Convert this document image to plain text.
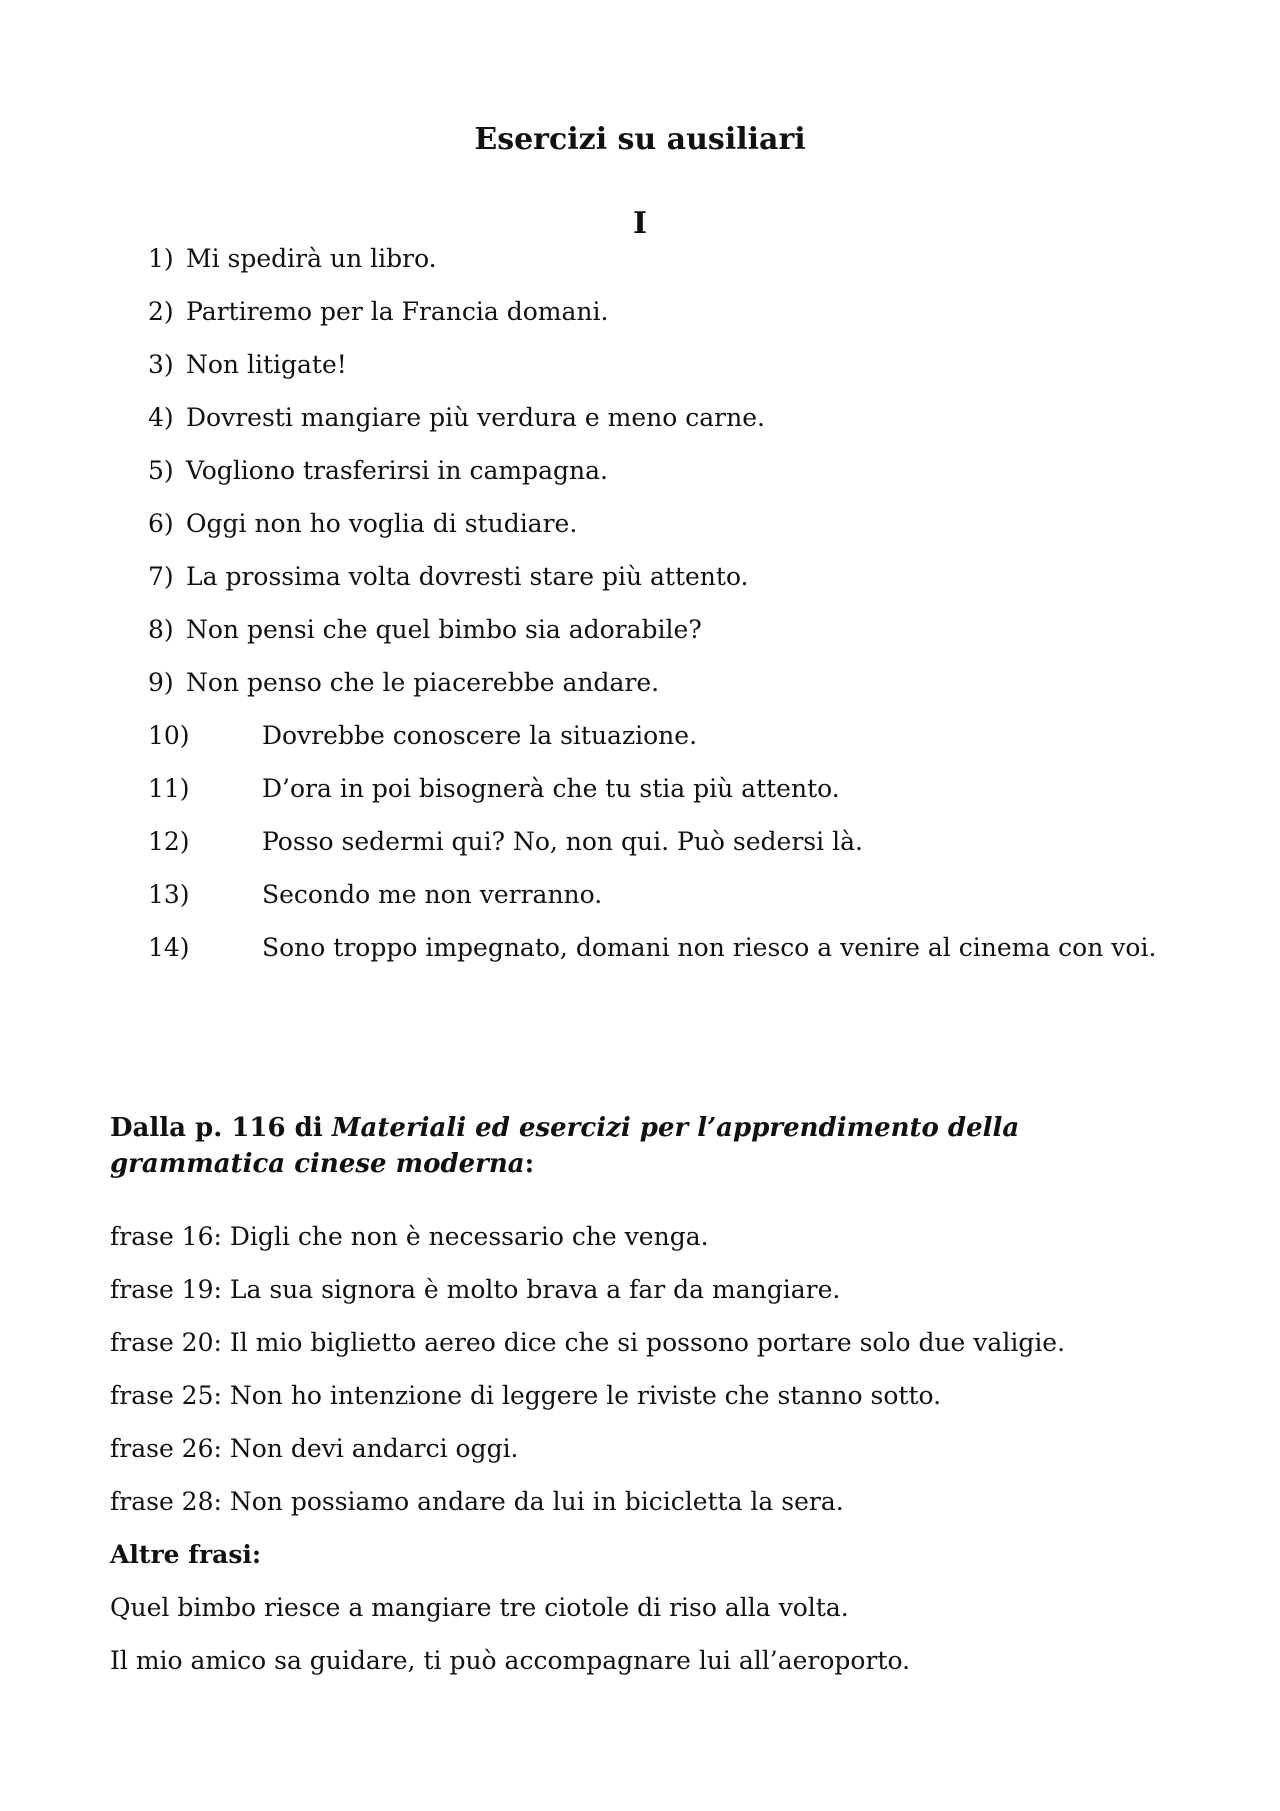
Esercizi su ausiliari
I
1) Mi spedirà un libro.
2) Partiremo per la Francia domani.
3) Non litigate!
4) Dovresti mangiare più verdura e meno carne.
5) Vogliono trasferirsi in campagna.
6) Oggi non ho voglia di studiare.
7) La prossima volta dovresti stare più attento.
8) Non pensi che quel bimbo sia adorabile?
9) Non penso che le piacerebbe andare.
10)	Dovrebbe conoscere la situazione.
11)	D’ora in poi bisognerà che tu stia più attento.
12)	Posso sedermi qui? No, non qui. Può sedersi là.
13)	Secondo me non verranno.
14)	Sono troppo impegnato, domani non riesco a venire al cinema con voi.
Dalla p. 116 di Materiali ed esercizi per l’apprendimento della grammatica cinese moderna:
frase 16: Digli che non è necessario che venga.
frase 19: La sua signora è molto brava a far da mangiare.
frase 20: Il mio biglietto aereo dice che si possono portare solo due valigie.
frase 25: Non ho intenzione di leggere le riviste che stanno sotto.
frase 26: Non devi andarci oggi.
frase 28: Non possiamo andare da lui in bicicletta la sera.
Altre frasi:
Quel bimbo riesce a mangiare tre ciotole di riso alla volta.
Il mio amico sa guidare, ti può accompagnare lui all’aeroporto.
